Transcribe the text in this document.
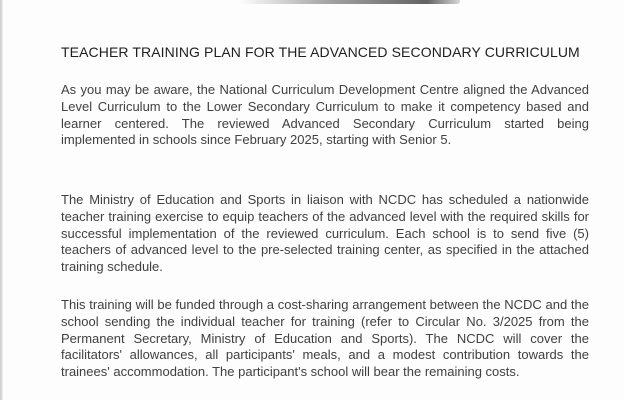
TEACHER TRAINING PLAN FOR THE ADVANCED SECONDARY CURRICULUM

As you may be aware, the National Curriculum Development Centre aligned the Advanced Level Curriculum to the Lower Secondary Curriculum to make it competency based and learner centered. The reviewed Advanced Secondary Curriculum started being implemented in schools since February 2025, starting with Senior 5.

The Ministry of Education and Sports in liaison with NCDC has scheduled a nationwide teacher training exercise to equip teachers of the advanced level with the required skills for successful implementation of the reviewed curriculum. Each school is to send five (5) teachers of advanced level to the pre-selected training center, as specified in the attached training schedule.

This training will be funded through a cost-sharing arrangement between the NCDC and the school sending the individual teacher for training (refer to Circular No. 3/2025 from the Permanent Secretary, Ministry of Education and Sports). The NCDC will cover the facilitators' allowances, all participants' meals, and a modest contribution towards the trainees' accommodation. The participant's school will bear the remaining costs.
